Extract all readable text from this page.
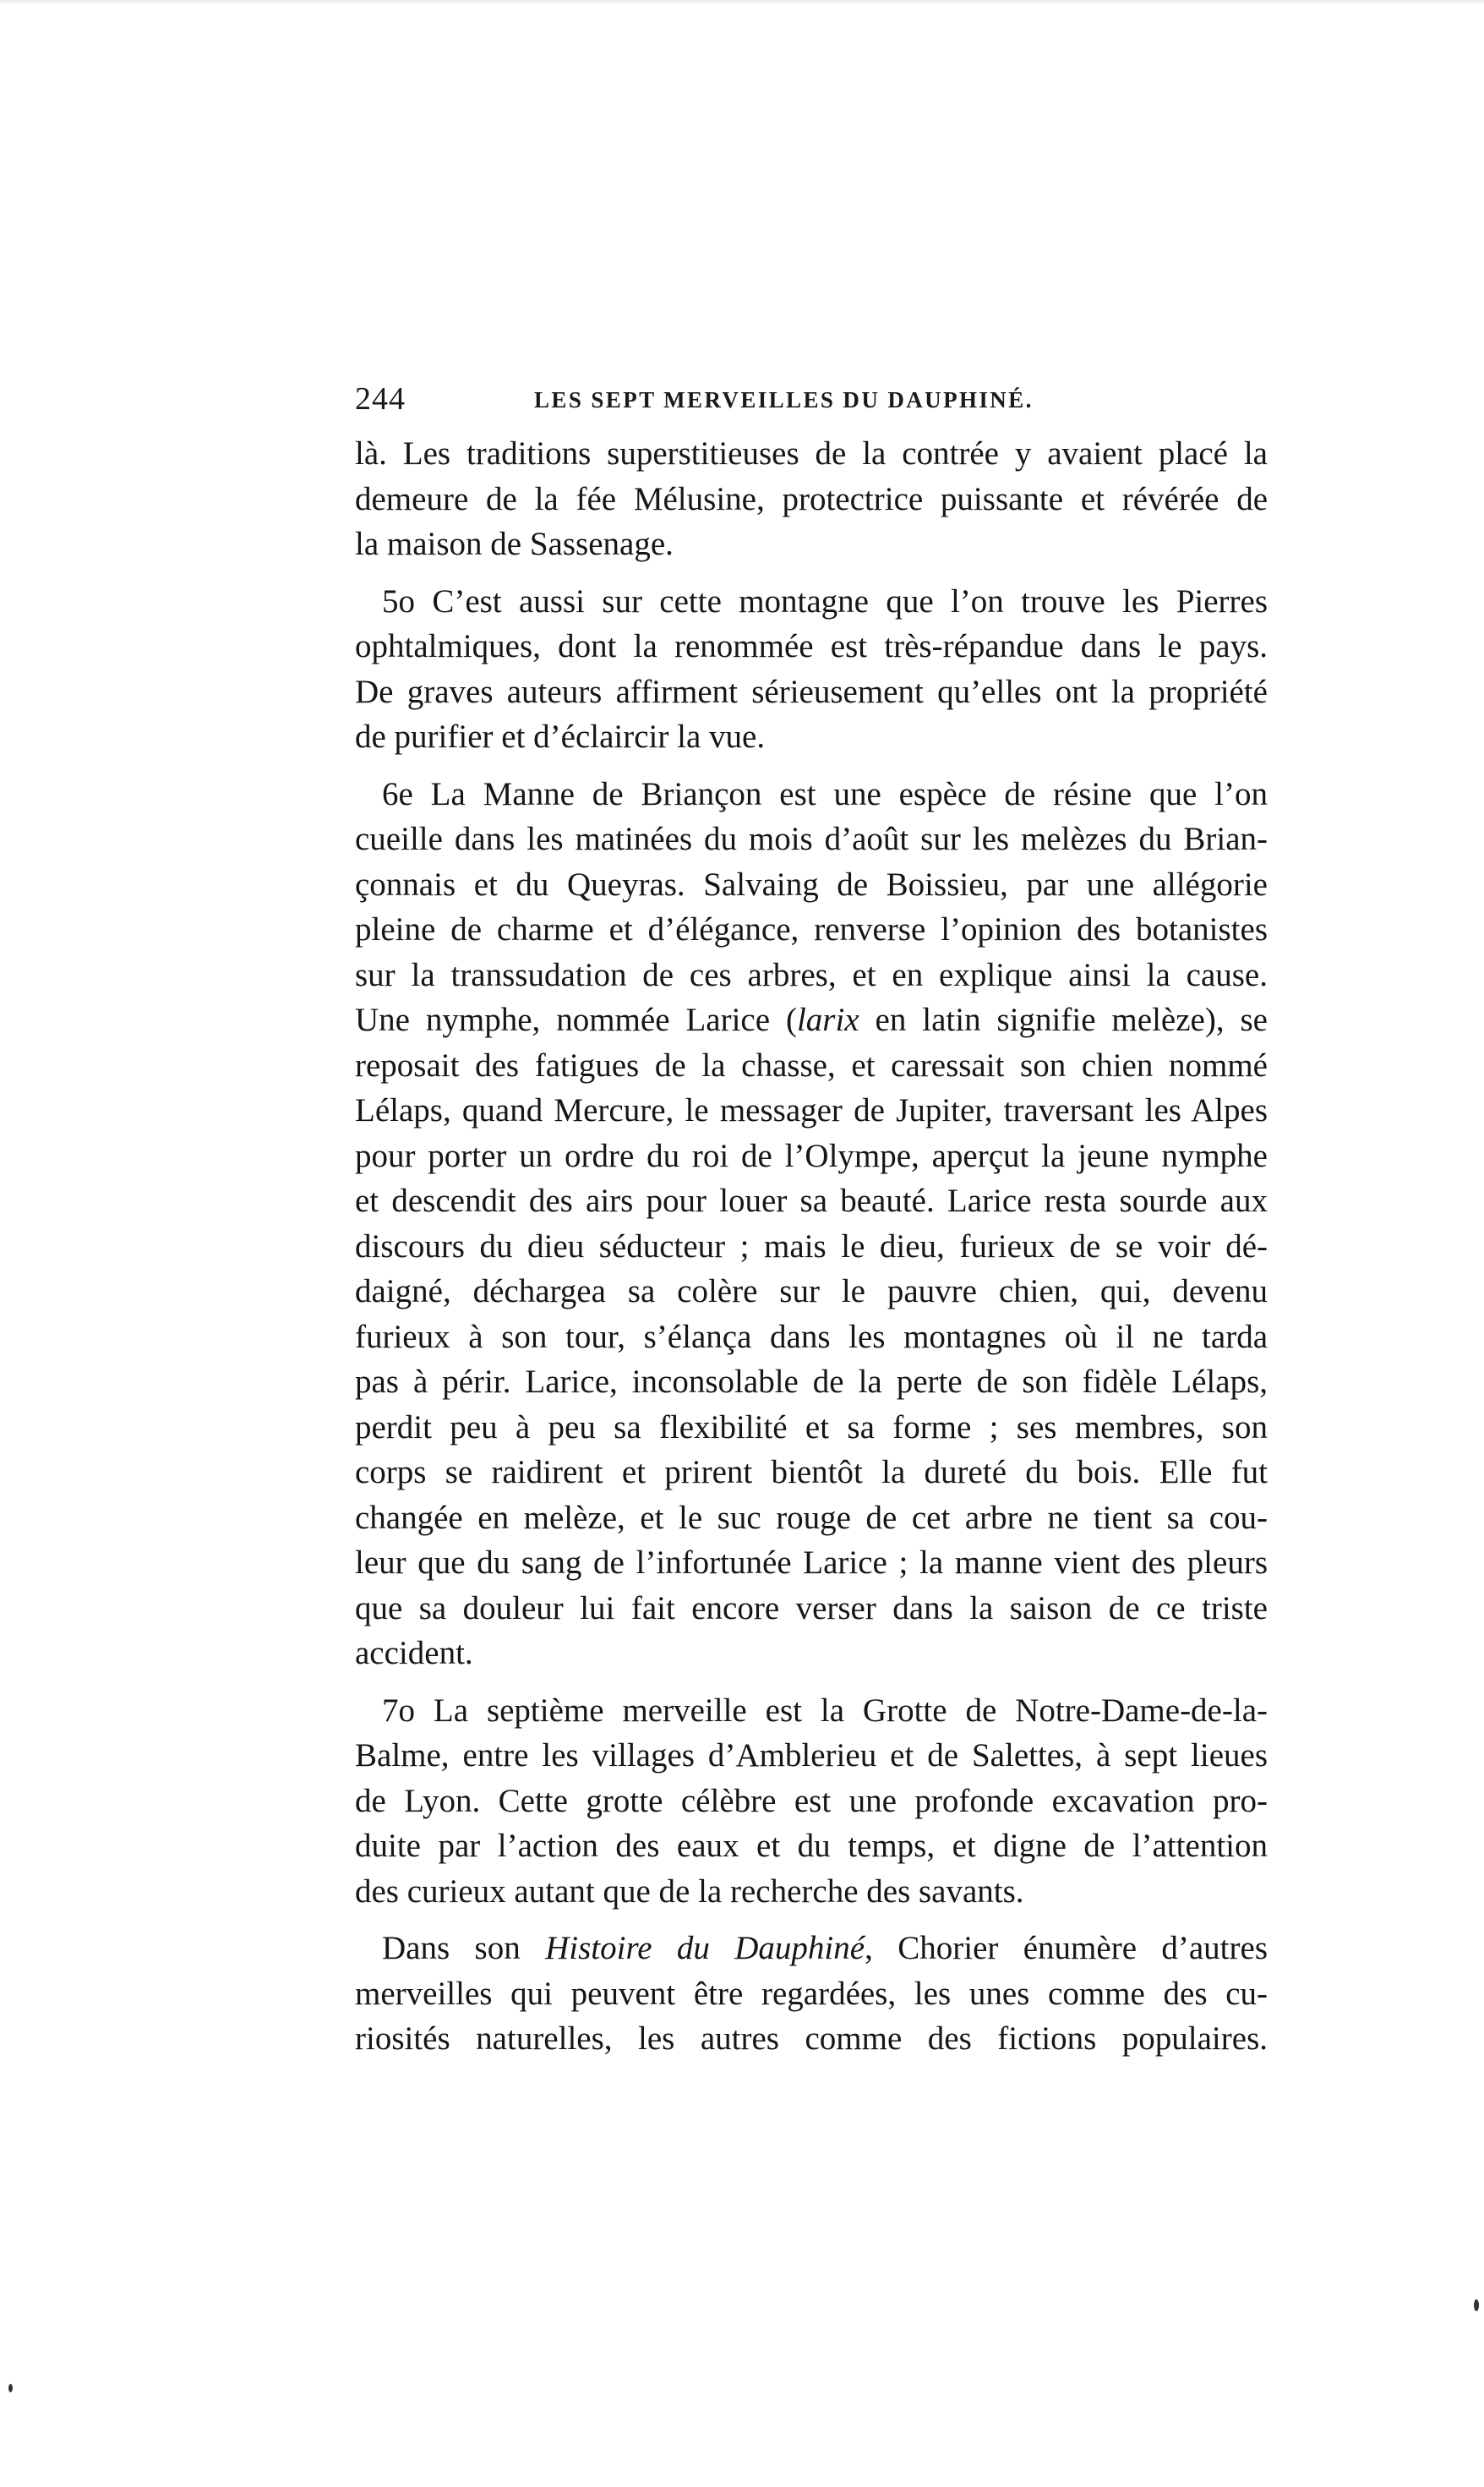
244	LES SEPT MERVEILLES DU DAUPHINÉ.
là. Les traditions superstitieuses de la contrée y avaient placé la
demeure de la fée Mélusine, protectrice puissante et révérée de
la maison de Sassenage.
5o C’est aussi sur cette montagne que l’on trouve les Pierres
ophtalmiques, dont la renommée est très-répandue dans le pays.
De graves auteurs affirment sérieusement qu’elles ont la propriété
de purifier et d’éclaircir la vue.
6e La Manne de Briançon est une espèce de résine que l’on
cueille dans les matinées du mois d’août sur les melèzes du Brian-
çonnais et du Queyras. Salvaing de Boissieu, par une allégorie
pleine de charme et d’élégance, renverse l’opinion des botanistes
sur la transsudation de ces arbres, et en explique ainsi la cause.
Une nymphe, nommée Larice (larix en latin signifie melèze), se
reposait des fatigues de la chasse, et caressait son chien nommé
Lélaps, quand Mercure, le messager de Jupiter, traversant les Alpes
pour porter un ordre du roi de l’Olympe, aperçut la jeune nymphe
et descendit des airs pour louer sa beauté. Larice resta sourde aux
discours du dieu séducteur ; mais le dieu, furieux de se voir dé-
daigné, déchargea sa colère sur le pauvre chien, qui, devenu
furieux à son tour, s’élança dans les montagnes où il ne tarda
pas à périr. Larice, inconsolable de la perte de son fidèle Lélaps,
perdit peu à peu sa flexibilité et sa forme ; ses membres, son
corps se raidirent et prirent bientôt la dureté du bois. Elle fut
changée en melèze, et le suc rouge de cet arbre ne tient sa cou-
leur que du sang de l’infortunée Larice ; la manne vient des pleurs
que sa douleur lui fait encore verser dans la saison de ce triste
accident.
7o La septième merveille est la Grotte de Notre-Dame-de-la-
Balme, entre les villages d’Amblerieu et de Salettes, à sept lieues
de Lyon. Cette grotte célèbre est une profonde excavation pro-
duite par l’action des eaux et du temps, et digne de l’attention
des curieux autant que de la recherche des savants.
Dans son Histoire du Dauphiné, Chorier énumère d’autres
merveilles qui peuvent être regardées, les unes comme des cu-
riosités naturelles, les autres comme des fictions populaires.
